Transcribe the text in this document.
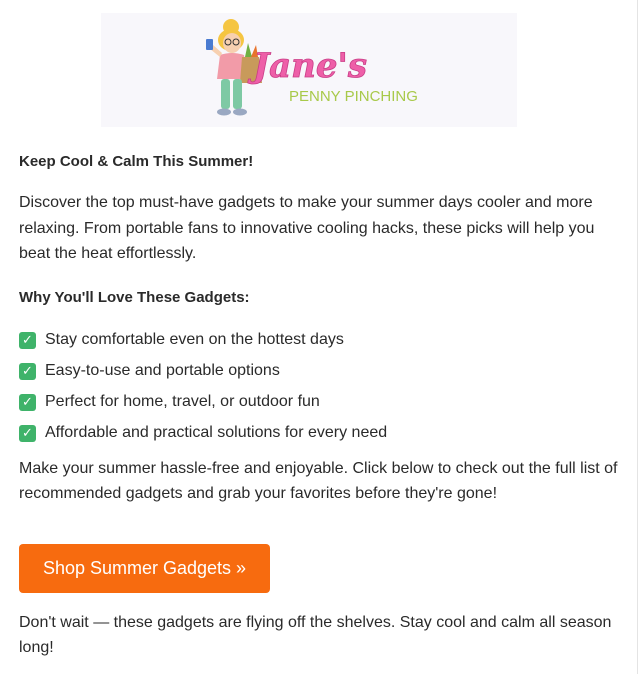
Jane's
PENNY PINCHING

Keep Cool & Calm This Summer!

Discover the top must-have gadgets to make your summer days cooler and more relaxing. From portable fans to innovative cooling hacks, these picks will help you beat the heat effortlessly.

Why You'll Love These Gadgets:

✓ Stay comfortable even on the hottest days
✓ Easy-to-use and portable options
✓ Perfect for home, travel, or outdoor fun
✓ Affordable and practical solutions for every need

Make your summer hassle-free and enjoyable. Click below to check out the full list of recommended gadgets and grab your favorites before they're gone!

Shop Summer Gadgets »

Don't wait — these gadgets are flying off the shelves. Stay cool and calm all season long!
